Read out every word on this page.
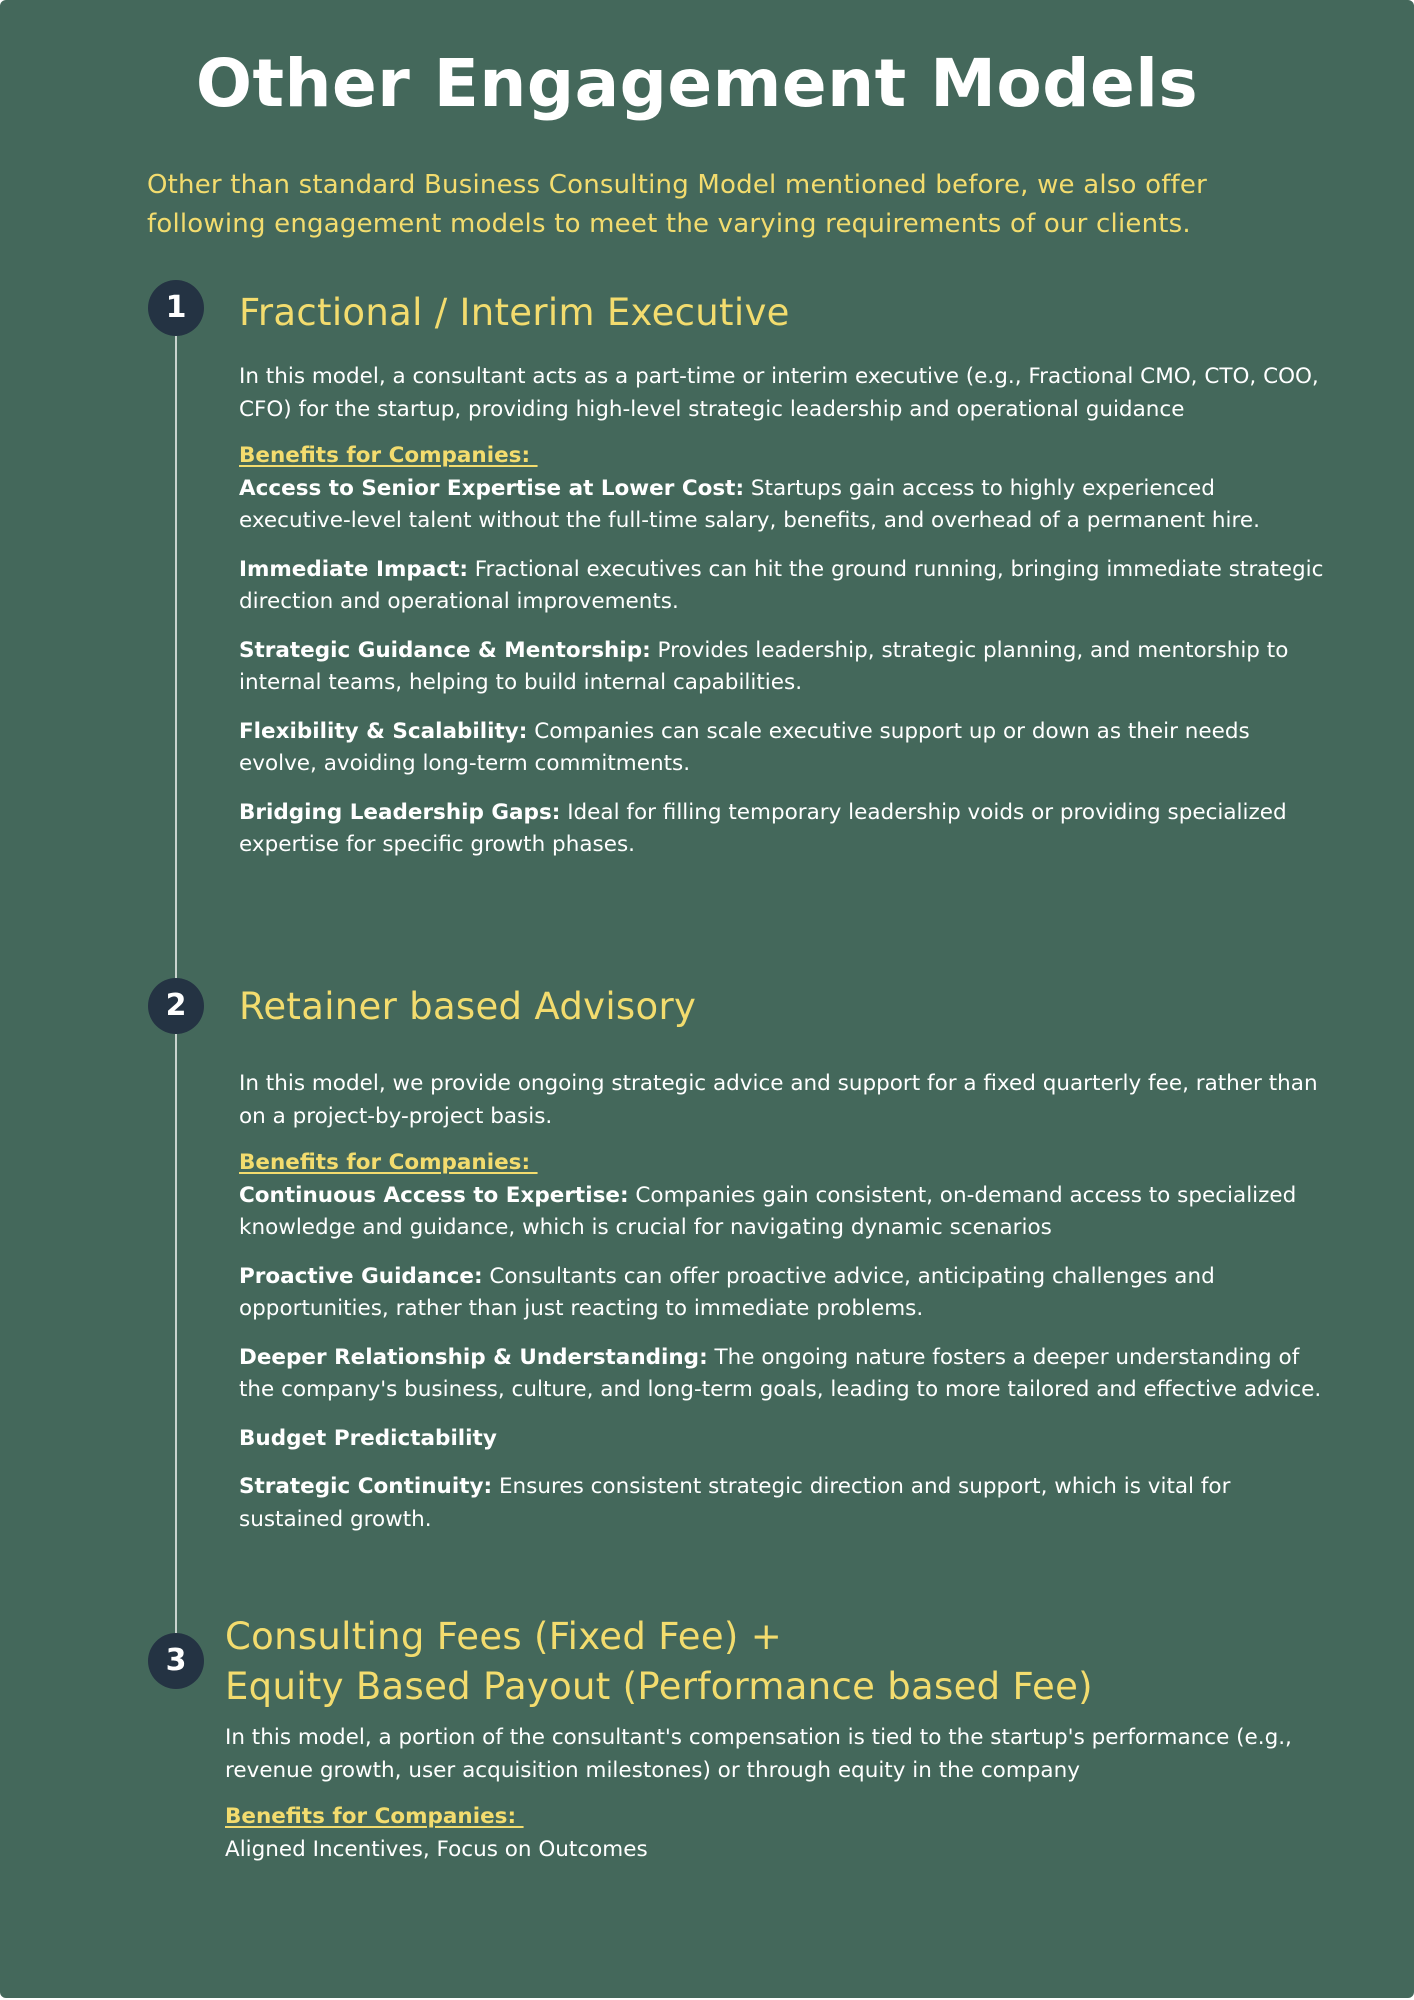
Other Engagement Models
Other than standard Business Consulting Model mentioned before, we also offer following engagement models to meet the varying requirements of our clients.
1	Fractional / Interim Executive

In this model, a consultant acts as a part-time or interim executive (e.g., Fractional CMO, CTO, COO, CFO) for the startup, providing high-level strategic leadership and operational guidance

Benefits for Companies:

Access to Senior Expertise at Lower Cost: Startups gain access to highly experienced executive-level talent without the full-time salary, benefits, and overhead of a permanent hire.

Immediate Impact: Fractional executives can hit the ground running, bringing immediate strategic direction and operational improvements.

Strategic Guidance & Mentorship: Provides leadership, strategic planning, and mentorship to internal teams, helping to build internal capabilities.

Flexibility & Scalability: Companies can scale executive support up or down as their needs evolve, avoiding long-term commitments.

Bridging Leadership Gaps: Ideal for filling temporary leadership voids or providing specialized expertise for specific growth phases.

2	Retainer based Advisory

In this model, we provide ongoing strategic advice and support for a fixed quarterly fee, rather than on a project-by-project basis.

Benefits for Companies:

Continuous Access to Expertise: Companies gain consistent, on-demand access to specialized knowledge and guidance, which is crucial for navigating dynamic scenarios

Proactive Guidance: Consultants can offer proactive advice, anticipating challenges and opportunities, rather than just reacting to immediate problems.

Deeper Relationship & Understanding: The ongoing nature fosters a deeper understanding of the company's business, culture, and long-term goals, leading to more tailored and effective advice.

Budget Predictability

Strategic Continuity: Ensures consistent strategic direction and support, which is vital for sustained growth.

3
Consulting Fees (Fixed Fee) +
Equity Based Payout (Performance based Fee)

In this model, a portion of the consultant's compensation is tied to the startup's performance (e.g., revenue growth, user acquisition milestones) or through equity in the company

Benefits for Companies:

Aligned Incentives, Focus on Outcomes
